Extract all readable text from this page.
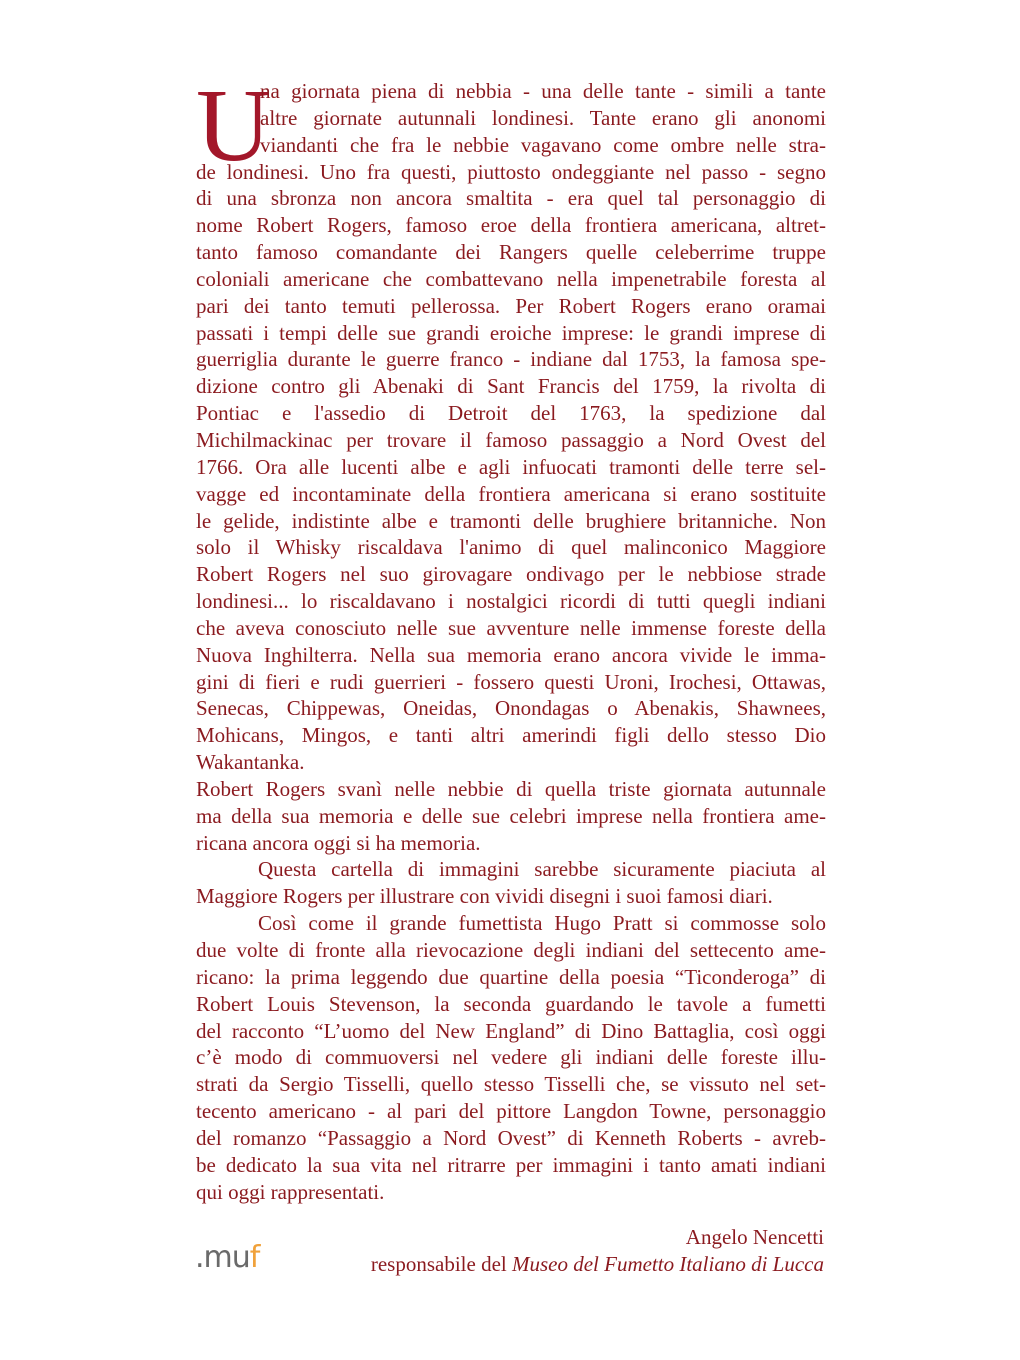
U
na giornata piena di nebbia - una delle tante - simili a tante
altre giornate autunnali londinesi. Tante erano gli anonomi
viandanti che fra le nebbie vagavano come ombre nelle stra-
de londinesi. Uno fra questi, piuttosto ondeggiante nel passo - segno
di una sbronza non ancora smaltita - era quel tal personaggio di
nome Robert Rogers, famoso eroe della frontiera americana, altret-
tanto famoso comandante dei Rangers quelle celeberrime truppe
coloniali americane che combattevano nella impenetrabile foresta al
pari dei tanto temuti pellerossa. Per Robert Rogers erano oramai
passati i tempi delle sue grandi eroiche imprese: le grandi imprese di
guerriglia durante le guerre franco - indiane dal 1753, la famosa spe-
dizione contro gli Abenaki di Sant Francis del 1759, la rivolta di
Pontiac e l'assedio di Detroit del 1763, la spedizione dal
Michilmackinac per trovare il famoso passaggio a Nord Ovest del
1766. Ora alle lucenti albe e agli infuocati tramonti delle terre sel-
vagge ed incontaminate della frontiera americana si erano sostituite
le gelide, indistinte albe e tramonti delle brughiere britanniche. Non
solo il Whisky riscaldava l'animo di quel malinconico Maggiore
Robert Rogers nel suo girovagare ondivago per le nebbiose strade
londinesi... lo riscaldavano i nostalgici ricordi di tutti quegli indiani
che aveva conosciuto nelle sue avventure nelle immense foreste della
Nuova Inghilterra. Nella sua memoria erano ancora vivide le imma-
gini di fieri e rudi guerrieri - fossero questi Uroni, Irochesi, Ottawas,
Senecas, Chippewas, Oneidas, Onondagas o Abenakis, Shawnees,
Mohicans, Mingos, e tanti altri amerindi figli dello stesso Dio
Wakantanka.
Robert Rogers svanì nelle nebbie di quella triste giornata autunnale
ma della sua memoria e delle sue celebri imprese nella frontiera ame-
ricana ancora oggi si ha memoria.
Questa cartella di immagini sarebbe sicuramente piaciuta al
Maggiore Rogers per illustrare con vividi disegni i suoi famosi diari.
Così come il grande fumettista Hugo Pratt si commosse solo
due volte di fronte alla rievocazione degli indiani del settecento ame-
ricano: la prima leggendo due quartine della poesia “Ticonderoga” di
Robert Louis Stevenson, la seconda guardando le tavole a fumetti
del racconto “L’uomo del New England” di Dino Battaglia, così oggi
c’è modo di commuoversi nel vedere gli indiani delle foreste illu-
strati da Sergio Tisselli, quello stesso Tisselli che, se vissuto nel set-
tecento americano - al pari del pittore Langdon Towne, personaggio
del romanzo “Passaggio a Nord Ovest” di Kenneth Roberts - avreb-
be dedicato la sua vita nel ritrarre per immagini i tanto amati indiani
qui oggi rappresentati.
Angelo Nencetti
responsabile del Museo del Fumetto Italiano di Lucca
.muf
